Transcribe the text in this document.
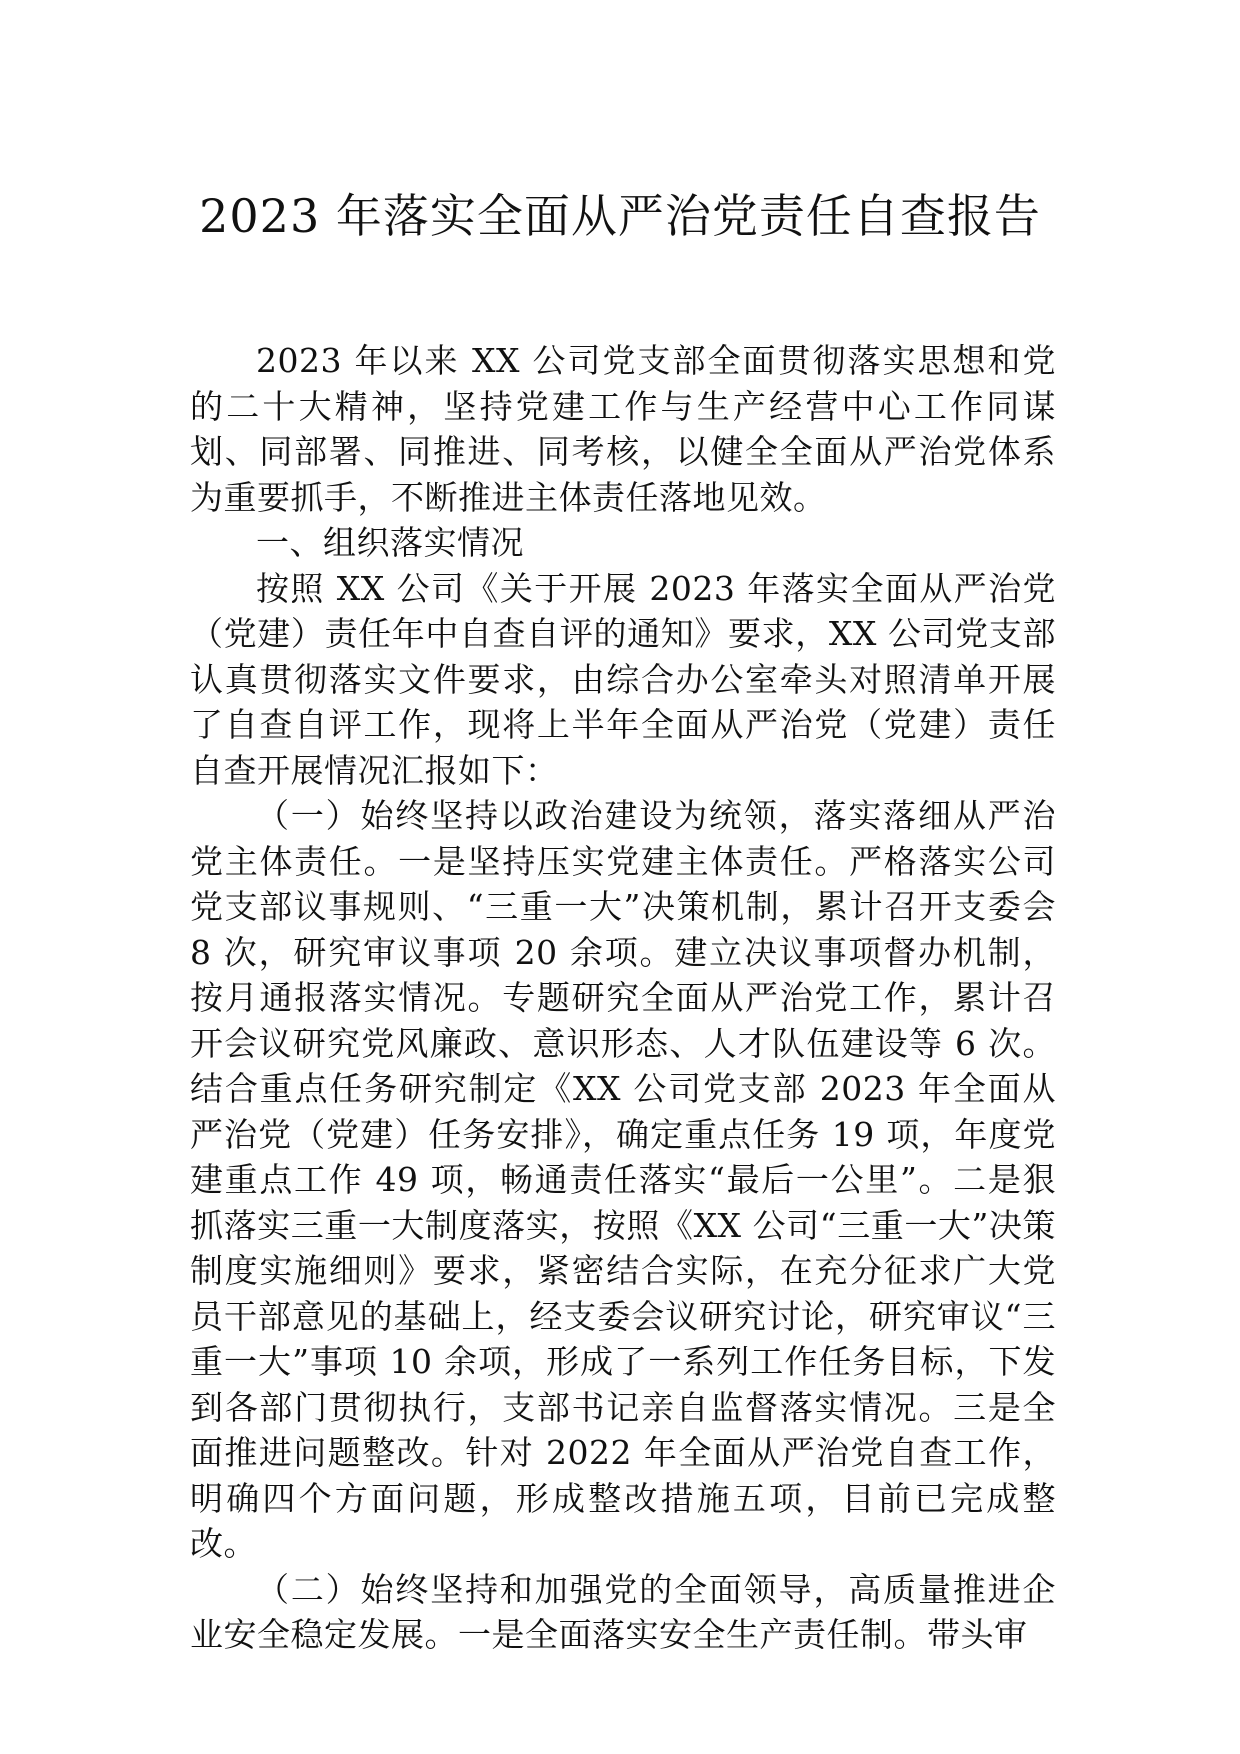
2023 年落实全面从严治党责任自查报告

2023 年以来 XX 公司党支部全面贯彻落实思想和党的二十大精神，坚持党建工作与生产经营中心工作同谋划、同部署、同推进、同考核，以健全全面从严治党体系为重要抓手，不断推进主体责任落地见效。

一、组织落实情况

按照 XX 公司《关于开展 2023 年落实全面从严治党（党建）责任年中自查自评的通知》要求，XX 公司党支部认真贯彻落实文件要求，由综合办公室牵头对照清单开展了自查自评工作，现将上半年全面从严治党（党建）责任自查开展情况汇报如下：

（一）始终坚持以政治建设为统领，落实落细从严治党主体责任。一是坚持压实党建主体责任。严格落实公司党支部议事规则、“三重一大”决策机制，累计召开支委会 8 次，研究审议事项 20 余项。建立决议事项督办机制，按月通报落实情况。专题研究全面从严治党工作，累计召开会议研究党风廉政、意识形态、人才队伍建设等 6 次。结合重点任务研究制定《XX 公司党支部 2023 年全面从严治党（党建）任务安排》，确定重点任务 19 项，年度党建重点工作 49 项，畅通责任落实“最后一公里”。二是狠抓落实三重一大制度落实，按照《XX 公司“三重一大”决策制度实施细则》要求，紧密结合实际，在充分征求广大党员干部意见的基础上，经支委会议研究讨论，研究审议“三重一大”事项 10 余项，形成了一系列工作任务目标，下发到各部门贯彻执行，支部书记亲自监督落实情况。三是全面推进问题整改。针对 2022 年全面从严治党自查工作，明确四个方面问题，形成整改措施五项，目前已完成整改。

（二）始终坚持和加强党的全面领导，高质量推进企业安全稳定发展。一是全面落实安全生产责任制。带头审
